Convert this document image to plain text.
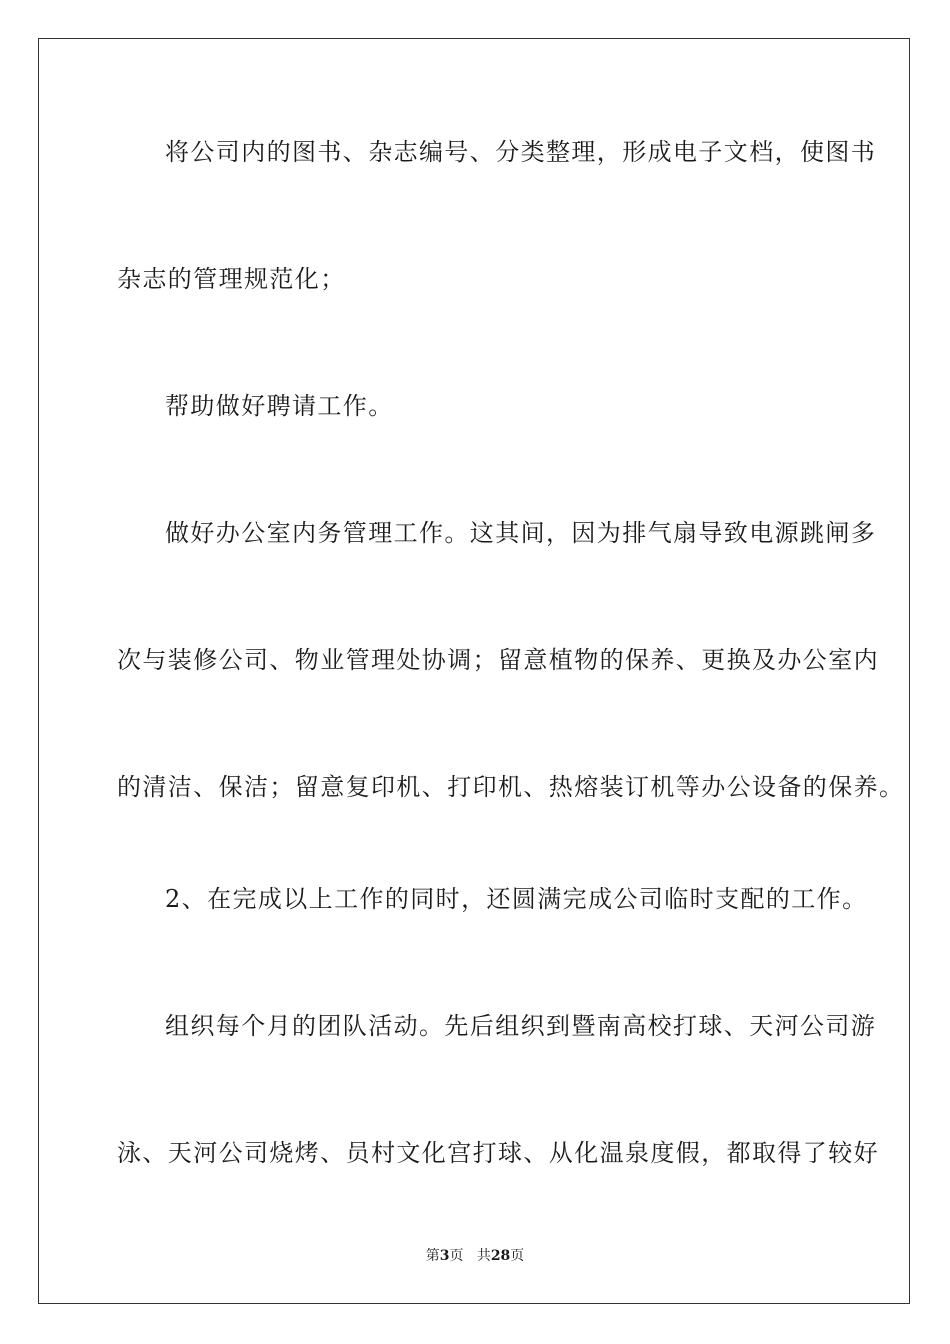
将公司内的图书、杂志编号、分类整理，形成电子文档，使图书
杂志的管理规范化；
帮助做好聘请工作。
做好办公室内务管理工作。这其间，因为排气扇导致电源跳闸多
次与装修公司、物业管理处协调；留意植物的保养、更换及办公室内
的清洁、保洁；留意复印机、打印机、热熔装订机等办公设备的保养。
2、在完成以上工作的同时，还圆满完成公司临时支配的工作。
组织每个月的团队活动。先后组织到暨南高校打球、天河公司游
泳、天河公司烧烤、员村文化宫打球、从化温泉度假，都取得了较好
第3页 共28页
